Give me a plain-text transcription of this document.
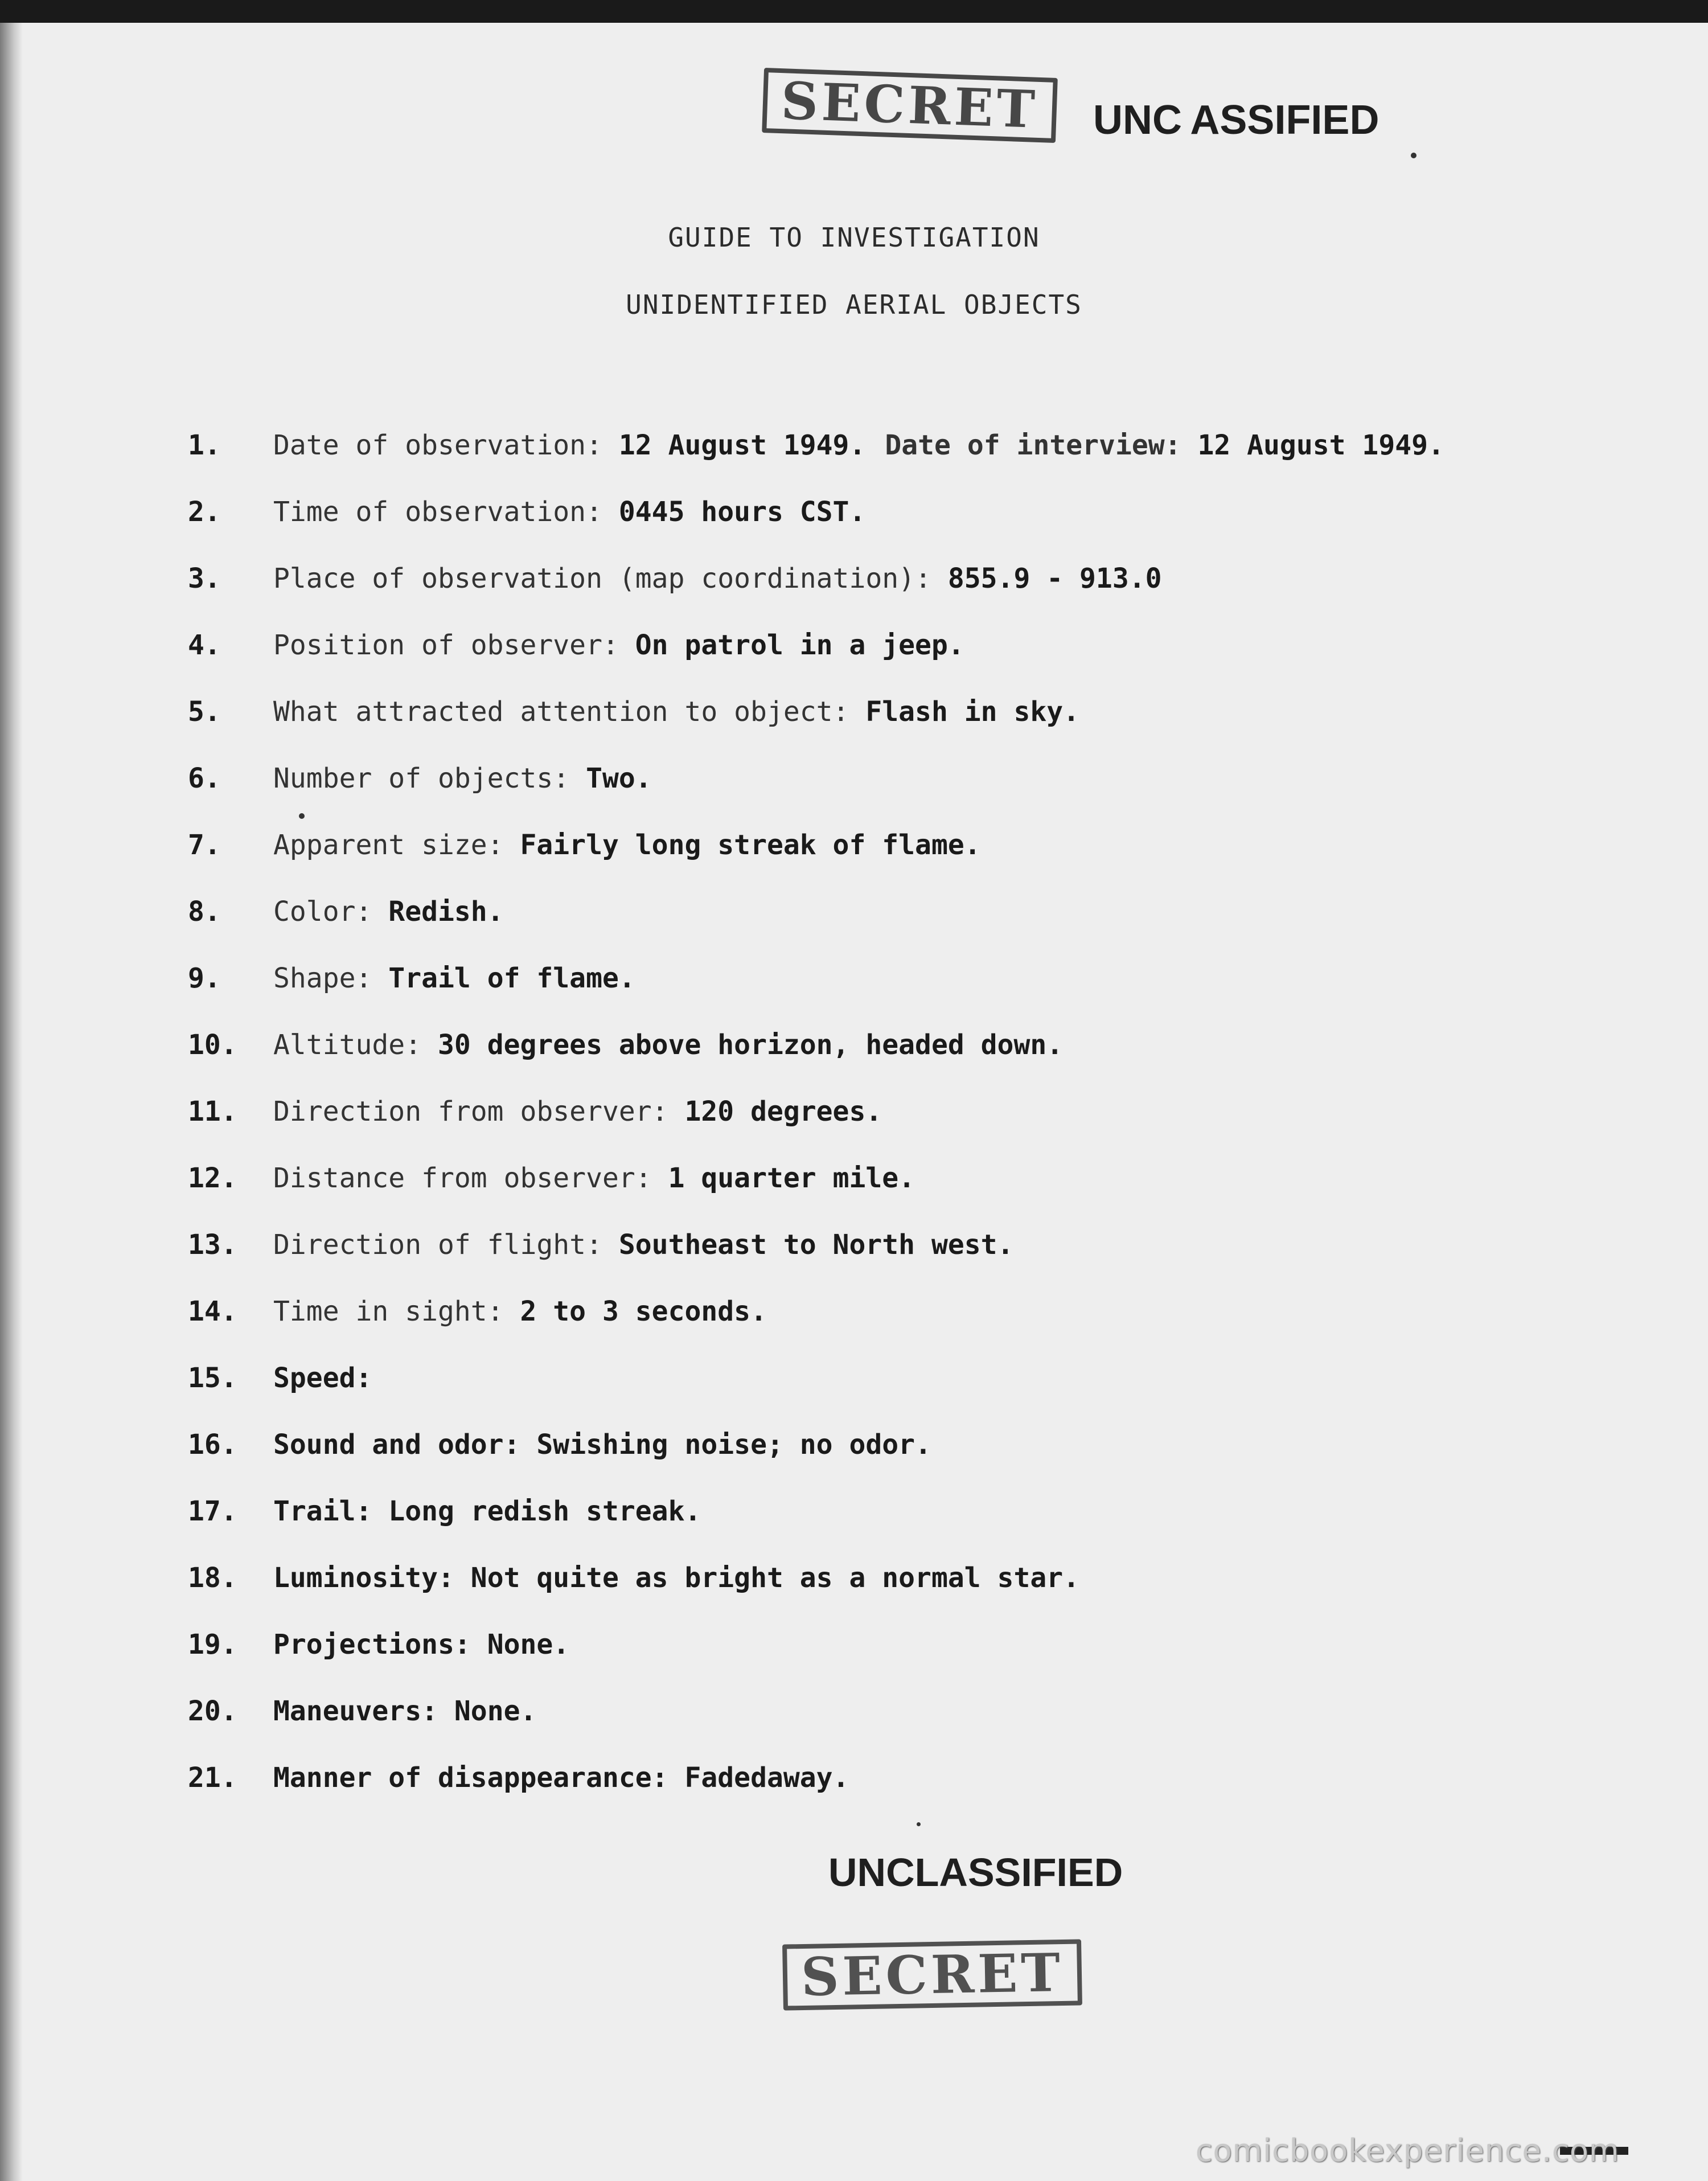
SECRET	UNC ASSIFIED
GUIDE TO INVESTIGATION
UNIDENTIFIED AERIAL OBJECTS
1. Date of observation: 12 August 1949. Date of interview: 12 August 1949.
2. Time of observation: 0445 hours CST.
3. Place of observation (map coordination): 855.9 - 913.0
4. Position of observer: On patrol in a jeep.
5. What attracted attention to object: Flash in sky.
6. Number of objects: Two.
7. Apparent size: Fairly long streak of flame.
8. Color: Redish.
9. Shape: Trail of flame.
10. Altitude: 30 degrees above horizon, headed down.
11. Direction from observer: 120 degrees.
12. Distance from observer: 1 quarter mile.
13. Direction of flight: Southeast to North west.
14. Time in sight: 2 to 3 seconds.
15. Speed:
16. Sound and odor: Swishing noise; no odor.
17. Trail: Long redish streak.
18. Luminosity: Not quite as bright as a normal star.
19. Projections: None.
20. Maneuvers: None.
21. Manner of disappearance: Fadedaway.
UNCLASSIFIED
SECRET
comicbookexperience.com
